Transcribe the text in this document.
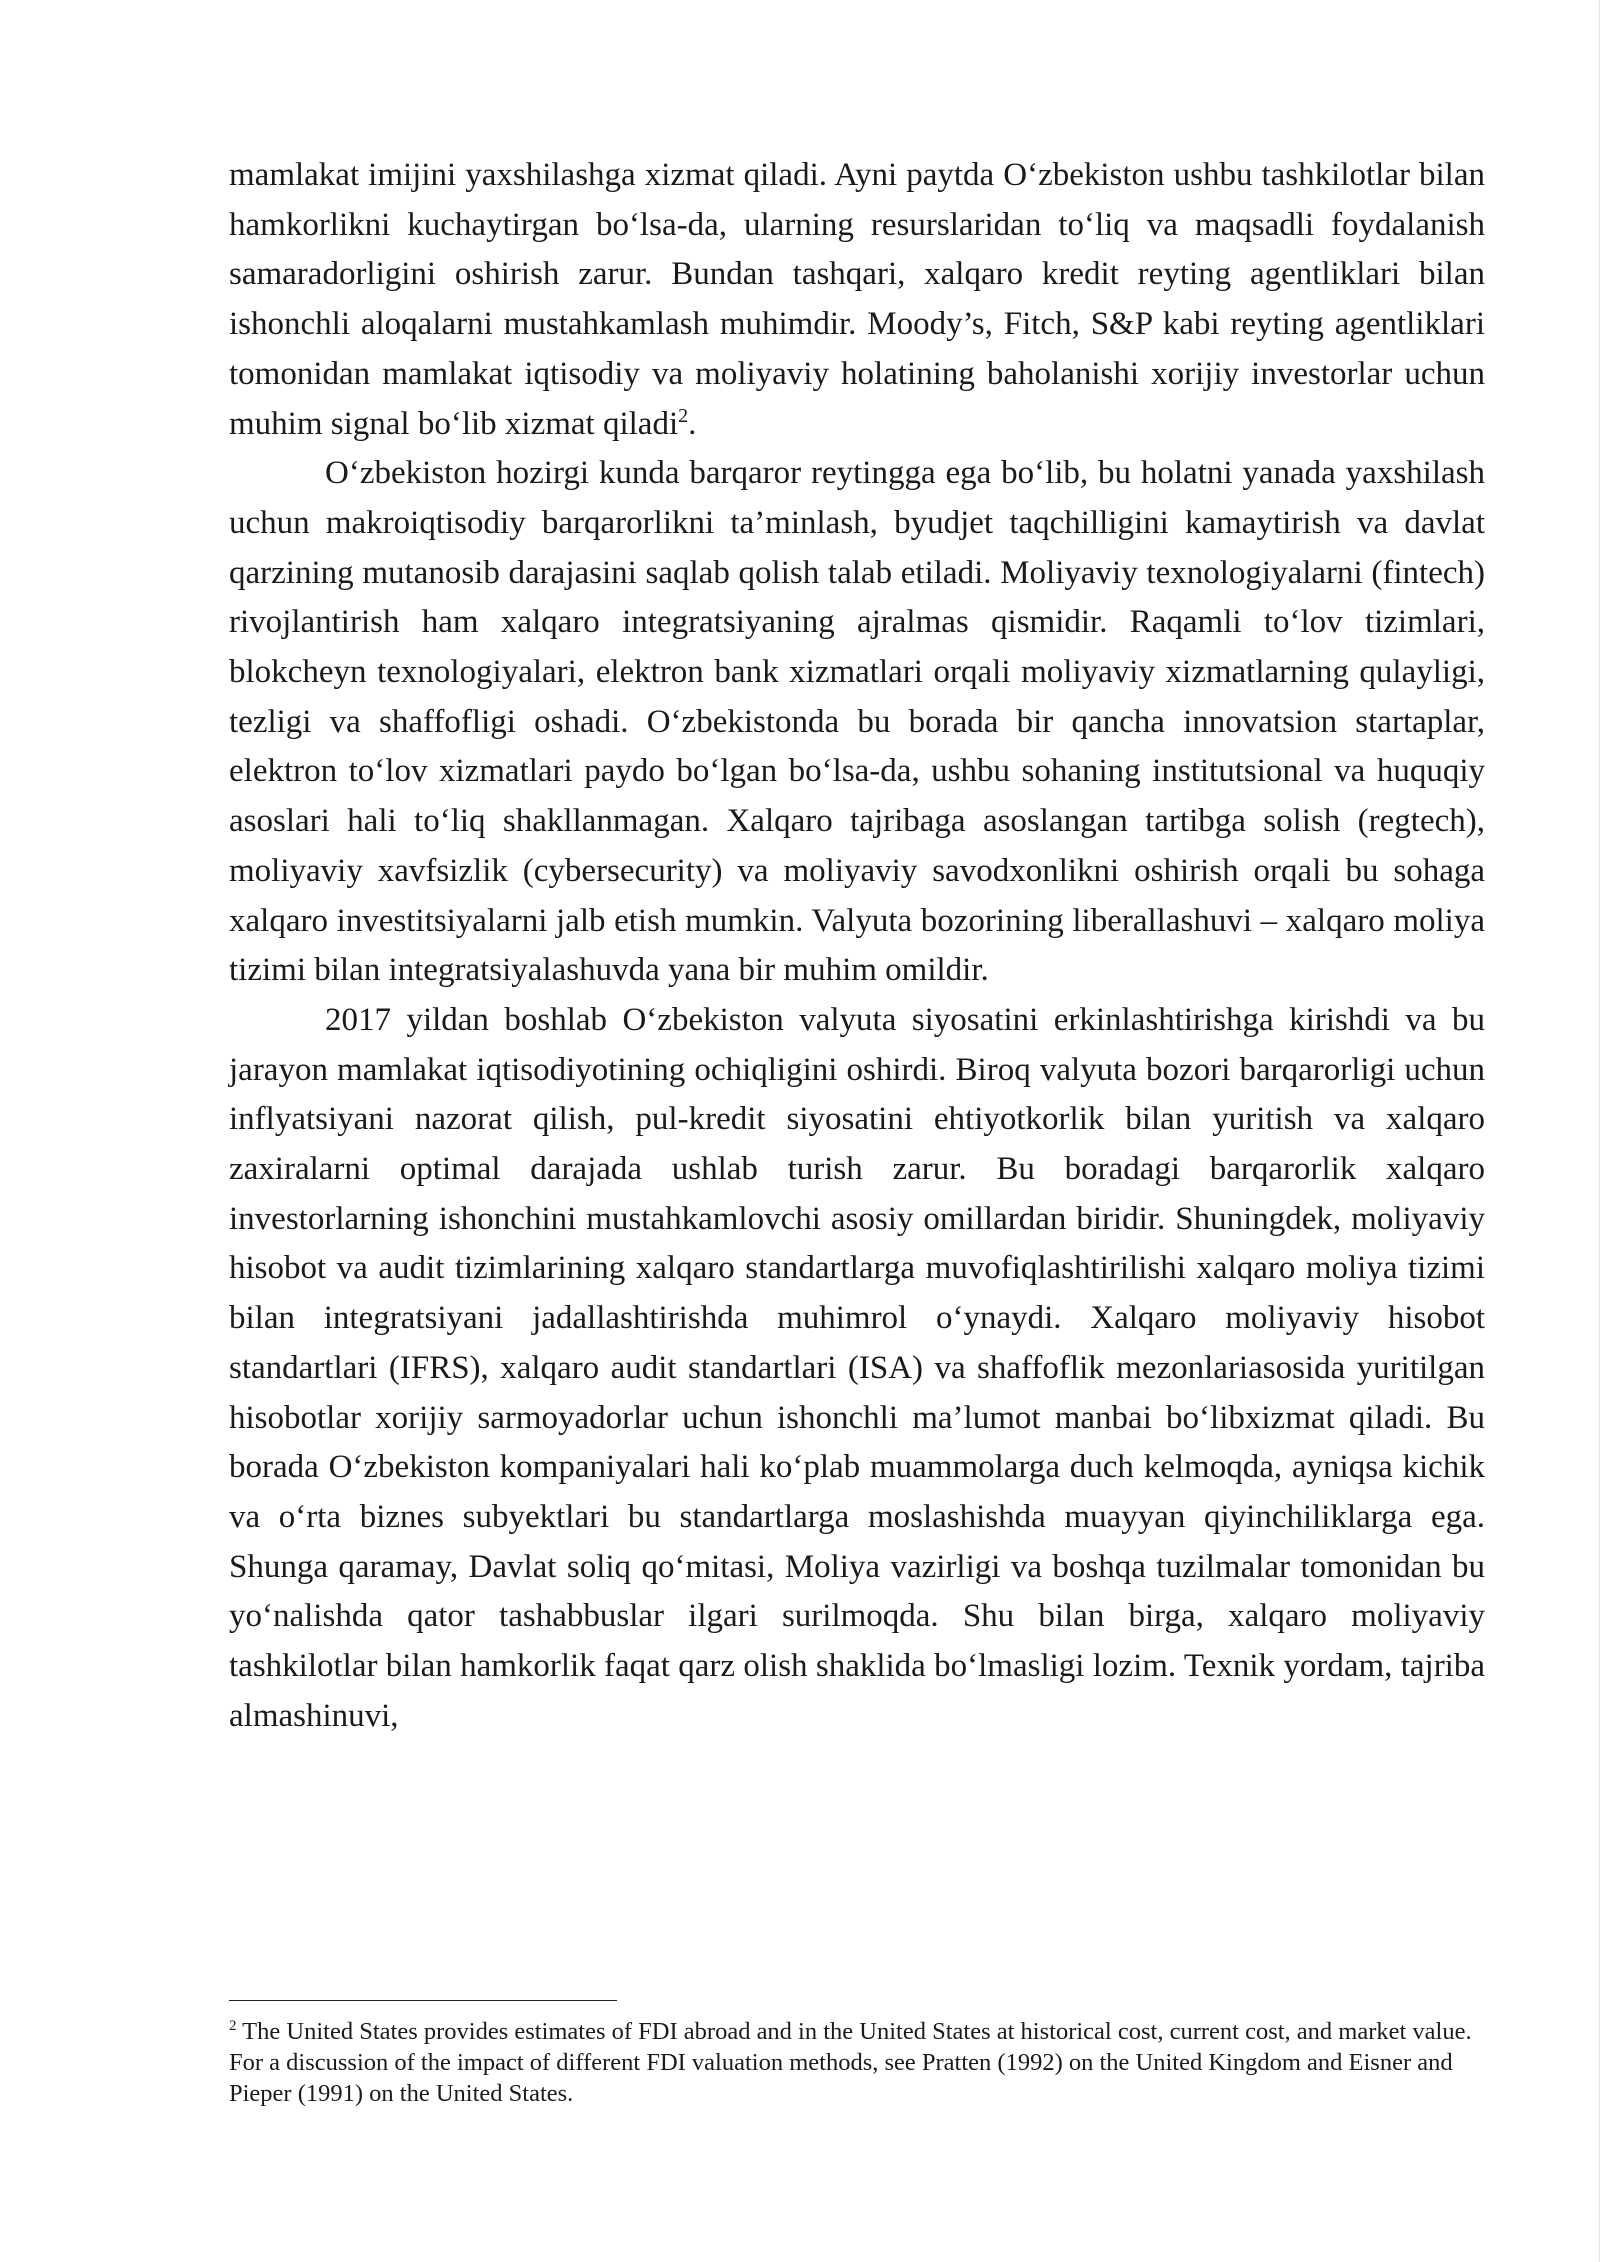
mamlakat imijini yaxshilashga xizmat qiladi. Ayni paytda O‘zbekiston ushbu tashkilotlar bilan hamkorlikni kuchaytirgan bo‘lsa-da, ularning resurslaridan to‘liq va maqsadli foydalanish samaradorligini oshirish zarur. Bundan tashqari, xalqaro kredit reyting agentliklari bilan ishonchli aloqalarni mustahkamlash muhimdir. Moody’s, Fitch, S&P kabi reyting agentliklari tomonidan mamlakat iqtisodiy va moliyaviy holatining baholanishi xorijiy investorlar uchun muhim signal bo‘lib xizmat qiladi$^2$.

O‘zbekiston hozirgi kunda barqaror reytingga ega bo‘lib, bu holatni yanada yaxshilash uchun makroiqtisodiy barqarorlikni ta’minlash, byudjet taqchilligini kamaytirish va davlat qarzining mutanosib darajasini saqlab qolish talab etiladi. Moliyaviy texnologiyalarni (fintech) rivojlantirish ham xalqaro integratsiyaning ajralmas qismidir. Raqamli to‘lov tizimlari, blokcheyn texnologiyalari, elektron bank xizmatlari orqali moliyaviy xizmatlarning qulayligi, tezligi va shaffofligi oshadi. O‘zbekistonda bu borada bir qancha innovatsion startaplar, elektron to‘lov xizmatlari paydo bo‘lgan bo‘lsa-da, ushbu sohaning institutsional va huquqiy asoslari hali to‘liq shakllanmagan. Xalqaro tajribaga asoslangan tartibga solish (regtech), moliyaviy xavfsizlik (cybersecurity) va moliyaviy savodxonlikni oshirish orqali bu sohaga xalqaro investitsiyalarni jalb etish mumkin. Valyuta bozorining liberallashuvi – xalqaro moliya tizimi bilan integratsiyalashuvda yana bir muhim omildir.

2017 yildan boshlab O‘zbekiston valyuta siyosatini erkinlashtirishga kirishdi va bu jarayon mamlakat iqtisodiyotining ochiqligini oshirdi. Biroq valyuta bozori barqarorligi uchun inflyatsiyani nazorat qilish, pul-kredit siyosatini ehtiyotkorlik bilan yuritish va xalqaro zaxiralarni optimal darajada ushlab turish zarur. Bu boradagi barqarorlik xalqaro investorlarning ishonchini mustahkamlovchi asosiy omillardan biridir. Shuningdek, moliyaviy hisobot va audit tizimlarining xalqaro standartlarga muvofiqlashtirilishi xalqaro moliya tizimi bilan integratsiyani jadallashtirishda muhimrol o‘ynaydi. Xalqaro moliyaviy hisobot standartlari (IFRS), xalqaro audit standartlari (ISA) va shaffoflik mezonlariasosida yuritilgan hisobotlar xorijiy sarmoyadorlar uchun ishonchli ma’lumot manbai bo‘libxizmat qiladi. Bu borada O‘zbekiston kompaniyalari hali ko‘plab muammolarga duch kelmoqda, ayniqsa kichik va o‘rta biznes subyektlari bu standartlarga moslashishda muayyan qiyinchiliklarga ega. Shunga qaramay, Davlat soliq qo‘mitasi, Moliya vazirligi va boshqa tuzilmalar tomonidan bu yo‘nalishda qator tashabbuslar ilgari surilmoqda. Shu bilan birga, xalqaro moliyaviy tashkilotlar bilan hamkorlik faqat qarz olish shaklida bo‘lmasligi lozim. Texnik yordam, tajriba almashinuvi,

$^2$ The United States provides estimates of FDI abroad and in the United States at historical cost, current cost, and market value. For a discussion of the impact of different FDI valuation methods, see Pratten (1992) on the United Kingdom and Eisner and Pieper (1991) on the United States.
